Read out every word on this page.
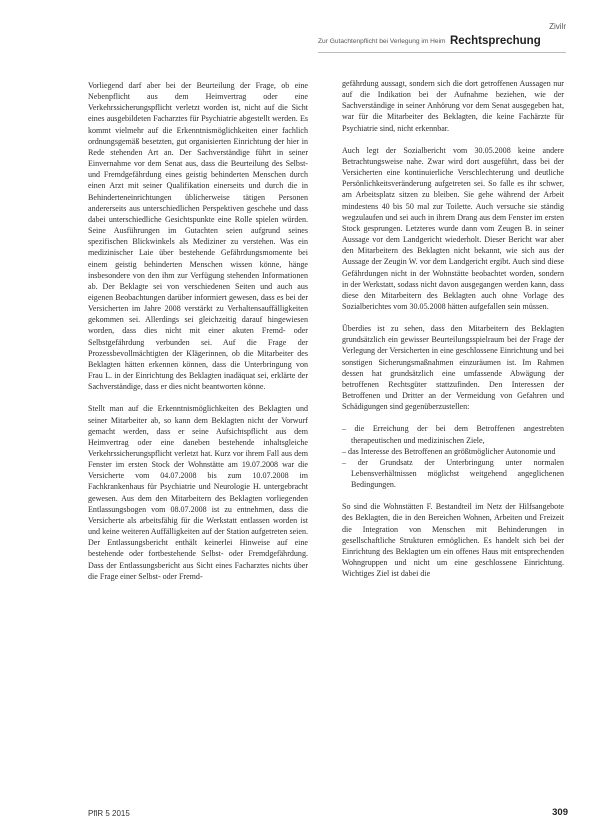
Zivilr
Zur Gutachtenpflicht bei Verlegung im Heim Rechtsprechung

Vorliegend darf aber bei der Beurteilung der Frage, ob eine Nebenpflicht aus dem Heimvertrag oder eine Verkehrssicherungspflicht verletzt worden ist, nicht auf die Sicht eines ausgebildeten Facharztes für Psychiatrie abgestellt werden. Es kommt vielmehr auf die Erkenntnismöglichkeiten einer fachlich ordnungsgemäß besetzten, gut organisierten Einrichtung der hier in Rede stehenden Art an. Der Sachverständige führt in seiner Einvernahme vor dem Senat aus, dass die Beurteilung des Selbst- und Fremdgefährdung eines geistig behinderten Menschen durch einen Arzt mit seiner Qualifikation einerseits und durch die in Behinderteneinrichtungen üblicherweise tätigen Personen andererseits aus unterschiedlichen Perspektiven geschehe und dass dabei unterschiedliche Gesichtspunkte eine Rolle spielen würden. Seine Ausführungen im Gutachten seien aufgrund seines spezifischen Blickwinkels als Mediziner zu verstehen. Was ein medizinischer Laie über bestehende Gefährdungsmomente bei einem geistig behinderten Menschen wissen könne, hänge insbesondere von den ihm zur Verfügung stehenden Informationen ab. Der Beklagte sei von verschiedenen Seiten und auch aus eigenen Beobachtungen darüber informiert gewesen, dass es bei der Versicherten im Jahre 2008 verstärkt zu Verhaltensauffälligkeiten gekommen sei. Allerdings sei gleichzeitig darauf hingewiesen worden, dass dies nicht mit einer akuten Fremd- oder Selbstgefährdung verbunden sei. Auf die Frage der Prozessbevollmächtigten der Klägerinnen, ob die Mitarbeiter des Beklagten hätten erkennen können, dass die Unterbringung von Frau L. in der Einrichtung des Beklagten inadäquat sei, erklärte der Sachverständige, dass er dies nicht beantworten könne.

Stellt man auf die Erkenntnismöglichkeiten des Beklagten und seiner Mitarbeiter ab, so kann dem Beklagten nicht der Vorwurf gemacht werden, dass er seine Aufsichtspflicht aus dem Heimvertrag oder eine daneben bestehende inhaltsgleiche Verkehrssicherungspflicht verletzt hat. Kurz vor ihrem Fall aus dem Fenster im ersten Stock der Wohnstätte am 19.07.2008 war die Versicherte vom 04.07.2008 bis zum 10.07.2008 im Fachkrankenhaus für Psychiatrie und Neurologie H. untergebracht gewesen. Aus dem den Mitarbeitern des Beklagten vorliegenden Entlassungsbogen vom 08.07.2008 ist zu entnehmen, dass die Versicherte als arbeitsfähig für die Werkstatt entlassen worden ist und keine weiteren Auffälligkeiten auf der Station aufgetreten seien. Der Entlassungsbericht enthält keinerlei Hinweise auf eine bestehende oder fortbestehende Selbst- oder Fremdgefährdung. Dass der Entlassungsbericht aus Sicht eines Facharztes nichts über die Frage einer Selbst- oder Fremd-

gefährdung aussagt, sondern sich die dort getroffenen Aussagen nur auf die Indikation bei der Aufnahme beziehen, wie der Sachverständige in seiner Anhörung vor dem Senat ausgegeben hat, war für die Mitarbeiter des Beklagten, die keine Fachärzte für Psychiatrie sind, nicht erkennbar.

Auch legt der Sozialbericht vom 30.05.2008 keine andere Betrachtungsweise nahe. Zwar wird dort ausgeführt, dass bei der Versicherten eine kontinuierliche Verschlechterung und deutliche Persönlichkeitsveränderung aufgetreten sei. So falle es ihr schwer, am Arbeitsplatz sitzen zu bleiben. Sie gehe während der Arbeit mindestens 40 bis 50 mal zur Toilette. Auch versuche sie ständig wegzulaufen und sei auch in ihrem Drang aus dem Fenster im ersten Stock gesprungen. Letzteres wurde dann vom Zeugen B. in seiner Aussage vor dem Landgericht wiederholt. Dieser Bericht war aber den Mitarbeitern des Beklagten nicht bekannt, wie sich aus der Aussage der Zeugin W. vor dem Landgericht ergibt. Auch sind diese Gefährdungen nicht in der Wohnstätte beobachtet worden, sondern in der Werkstatt, sodass nicht davon ausgegangen werden kann, dass diese den Mitarbeitern des Beklagten auch ohne Vorlage des Sozialberichtes vom 30.05.2008 hätten aufgefallen sein müssen.

Überdies ist zu sehen, dass den Mitarbeitern des Beklagten grundsätzlich ein gewisser Beurteilungsspielraum bei der Frage der Verlegung der Versicherten in eine geschlossene Einrichtung und bei sonstigen Sicherungsmaßnahmen einzuräumen ist. Im Rahmen dessen hat grundsätzlich eine umfassende Abwägung der betroffenen Rechtsgüter stattzufinden. Den Interessen der Betroffenen und Dritter an der Vermeidung von Gefahren und Schädigungen sind gegenüberzustellen:

– die Erreichung der bei dem Betroffenen angestrebten therapeutischen und medizinischen Ziele,
– das Interesse des Betroffenen an größtmöglicher Autonomie und
– der Grundsatz der Unterbringung unter normalen Lebensverhältnissen möglichst weitgehend angeglichenen Bedingungen.

So sind die Wohnstätten F. Bestandteil im Netz der Hilfsangebote des Beklagten, die in den Bereichen Wohnen, Arbeiten und Freizeit die Integration von Menschen mit Behinderungen in gesellschaftliche Strukturen ermöglichen. Es handelt sich bei der Einrichtung des Beklagten um ein offenes Haus mit entsprechenden Wohngruppen und nicht um eine geschlossene Einrichtung. Wichtiges Ziel ist dabei die

PflR 5 2015	309
